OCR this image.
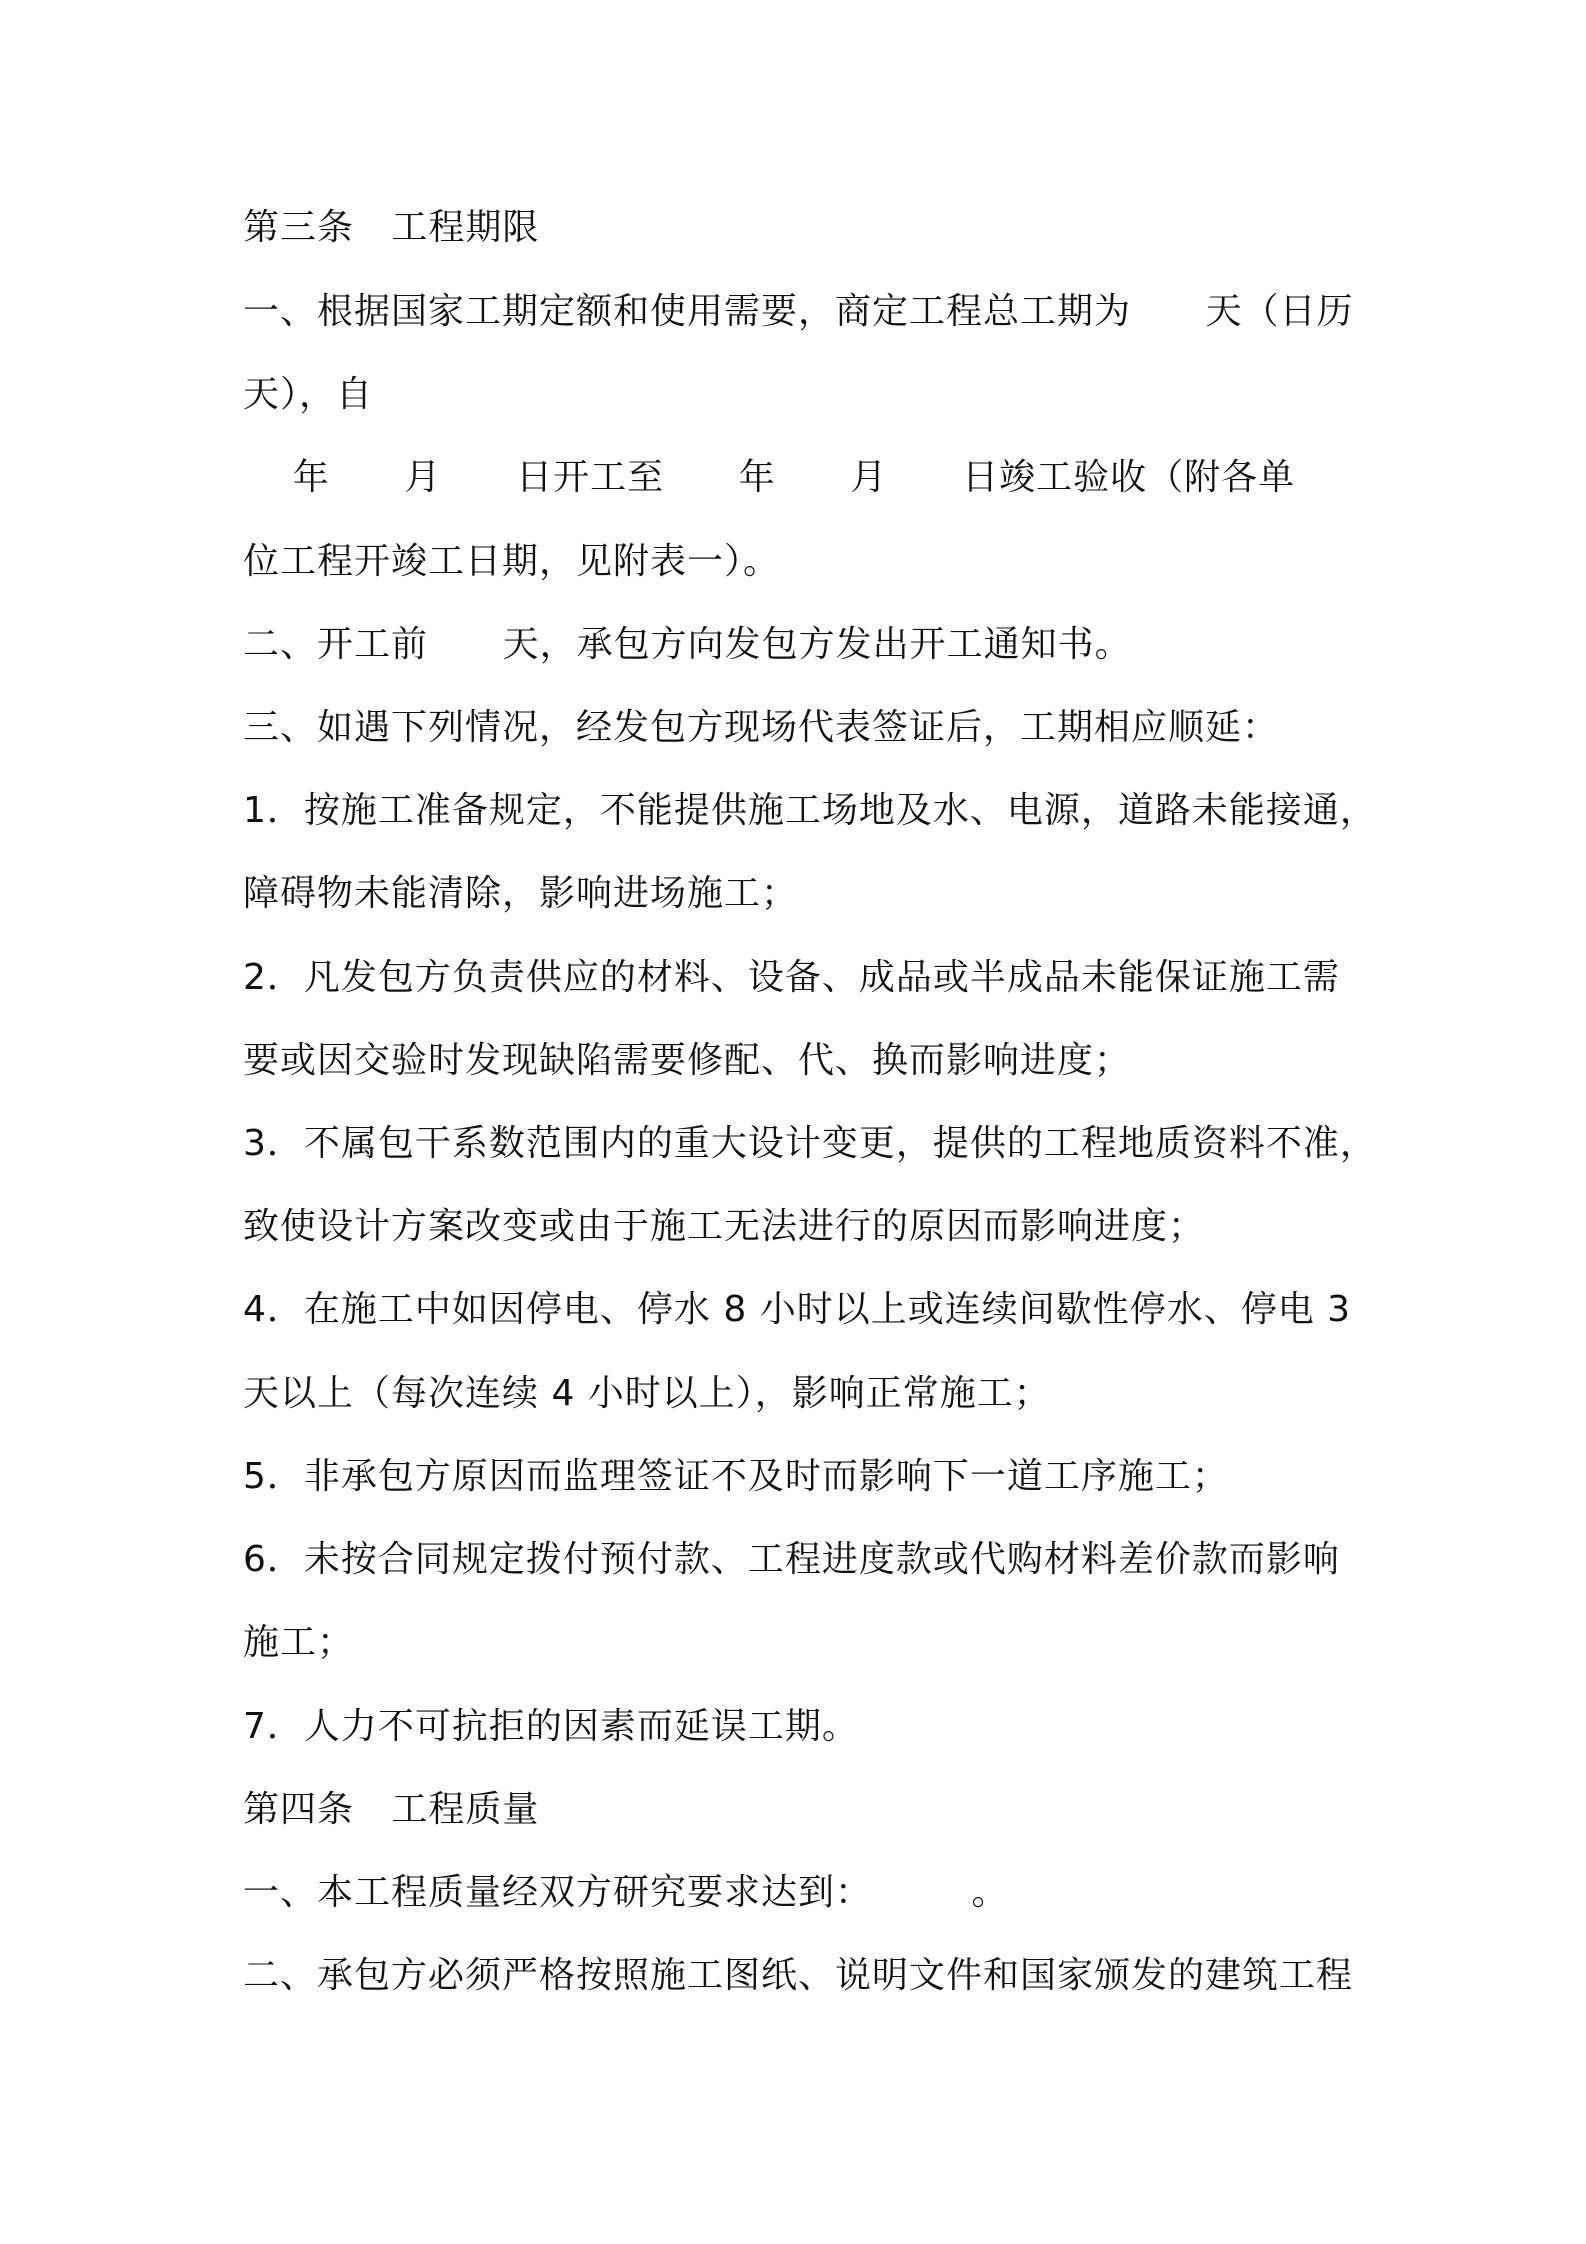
第三条   工程期限
一、根据国家工期定额和使用需要，商定工程总工期为      天（日历
天），自
年      月      日开工至      年      月      日竣工验收（附各单
位工程开竣工日期，见附表一）。
二、开工前      天，承包方向发包方发出开工通知书。
三、如遇下列情况，经发包方现场代表签证后，工期相应顺延：
1．按施工准备规定，不能提供施工场地及水、电源，道路未能接通，
障碍物未能清除，影响进场施工；
2．凡发包方负责供应的材料、设备、成品或半成品未能保证施工需
要或因交验时发现缺陷需要修配、代、换而影响进度；
3．不属包干系数范围内的重大设计变更，提供的工程地质资料不准，
致使设计方案改变或由于施工无法进行的原因而影响进度；
4．在施工中如因停电、停水 8 小时以上或连续间歇性停水、停电 3
天以上（每次连续 4 小时以上），影响正常施工；
5．非承包方原因而监理签证不及时而影响下一道工序施工；
6．未按合同规定拨付预付款、工程进度款或代购材料差价款而影响
施工；
7．人力不可抗拒的因素而延误工期。
第四条   工程质量
一、本工程质量经双方研究要求达到：        。
二、承包方必须严格按照施工图纸、说明文件和国家颁发的建筑工程
